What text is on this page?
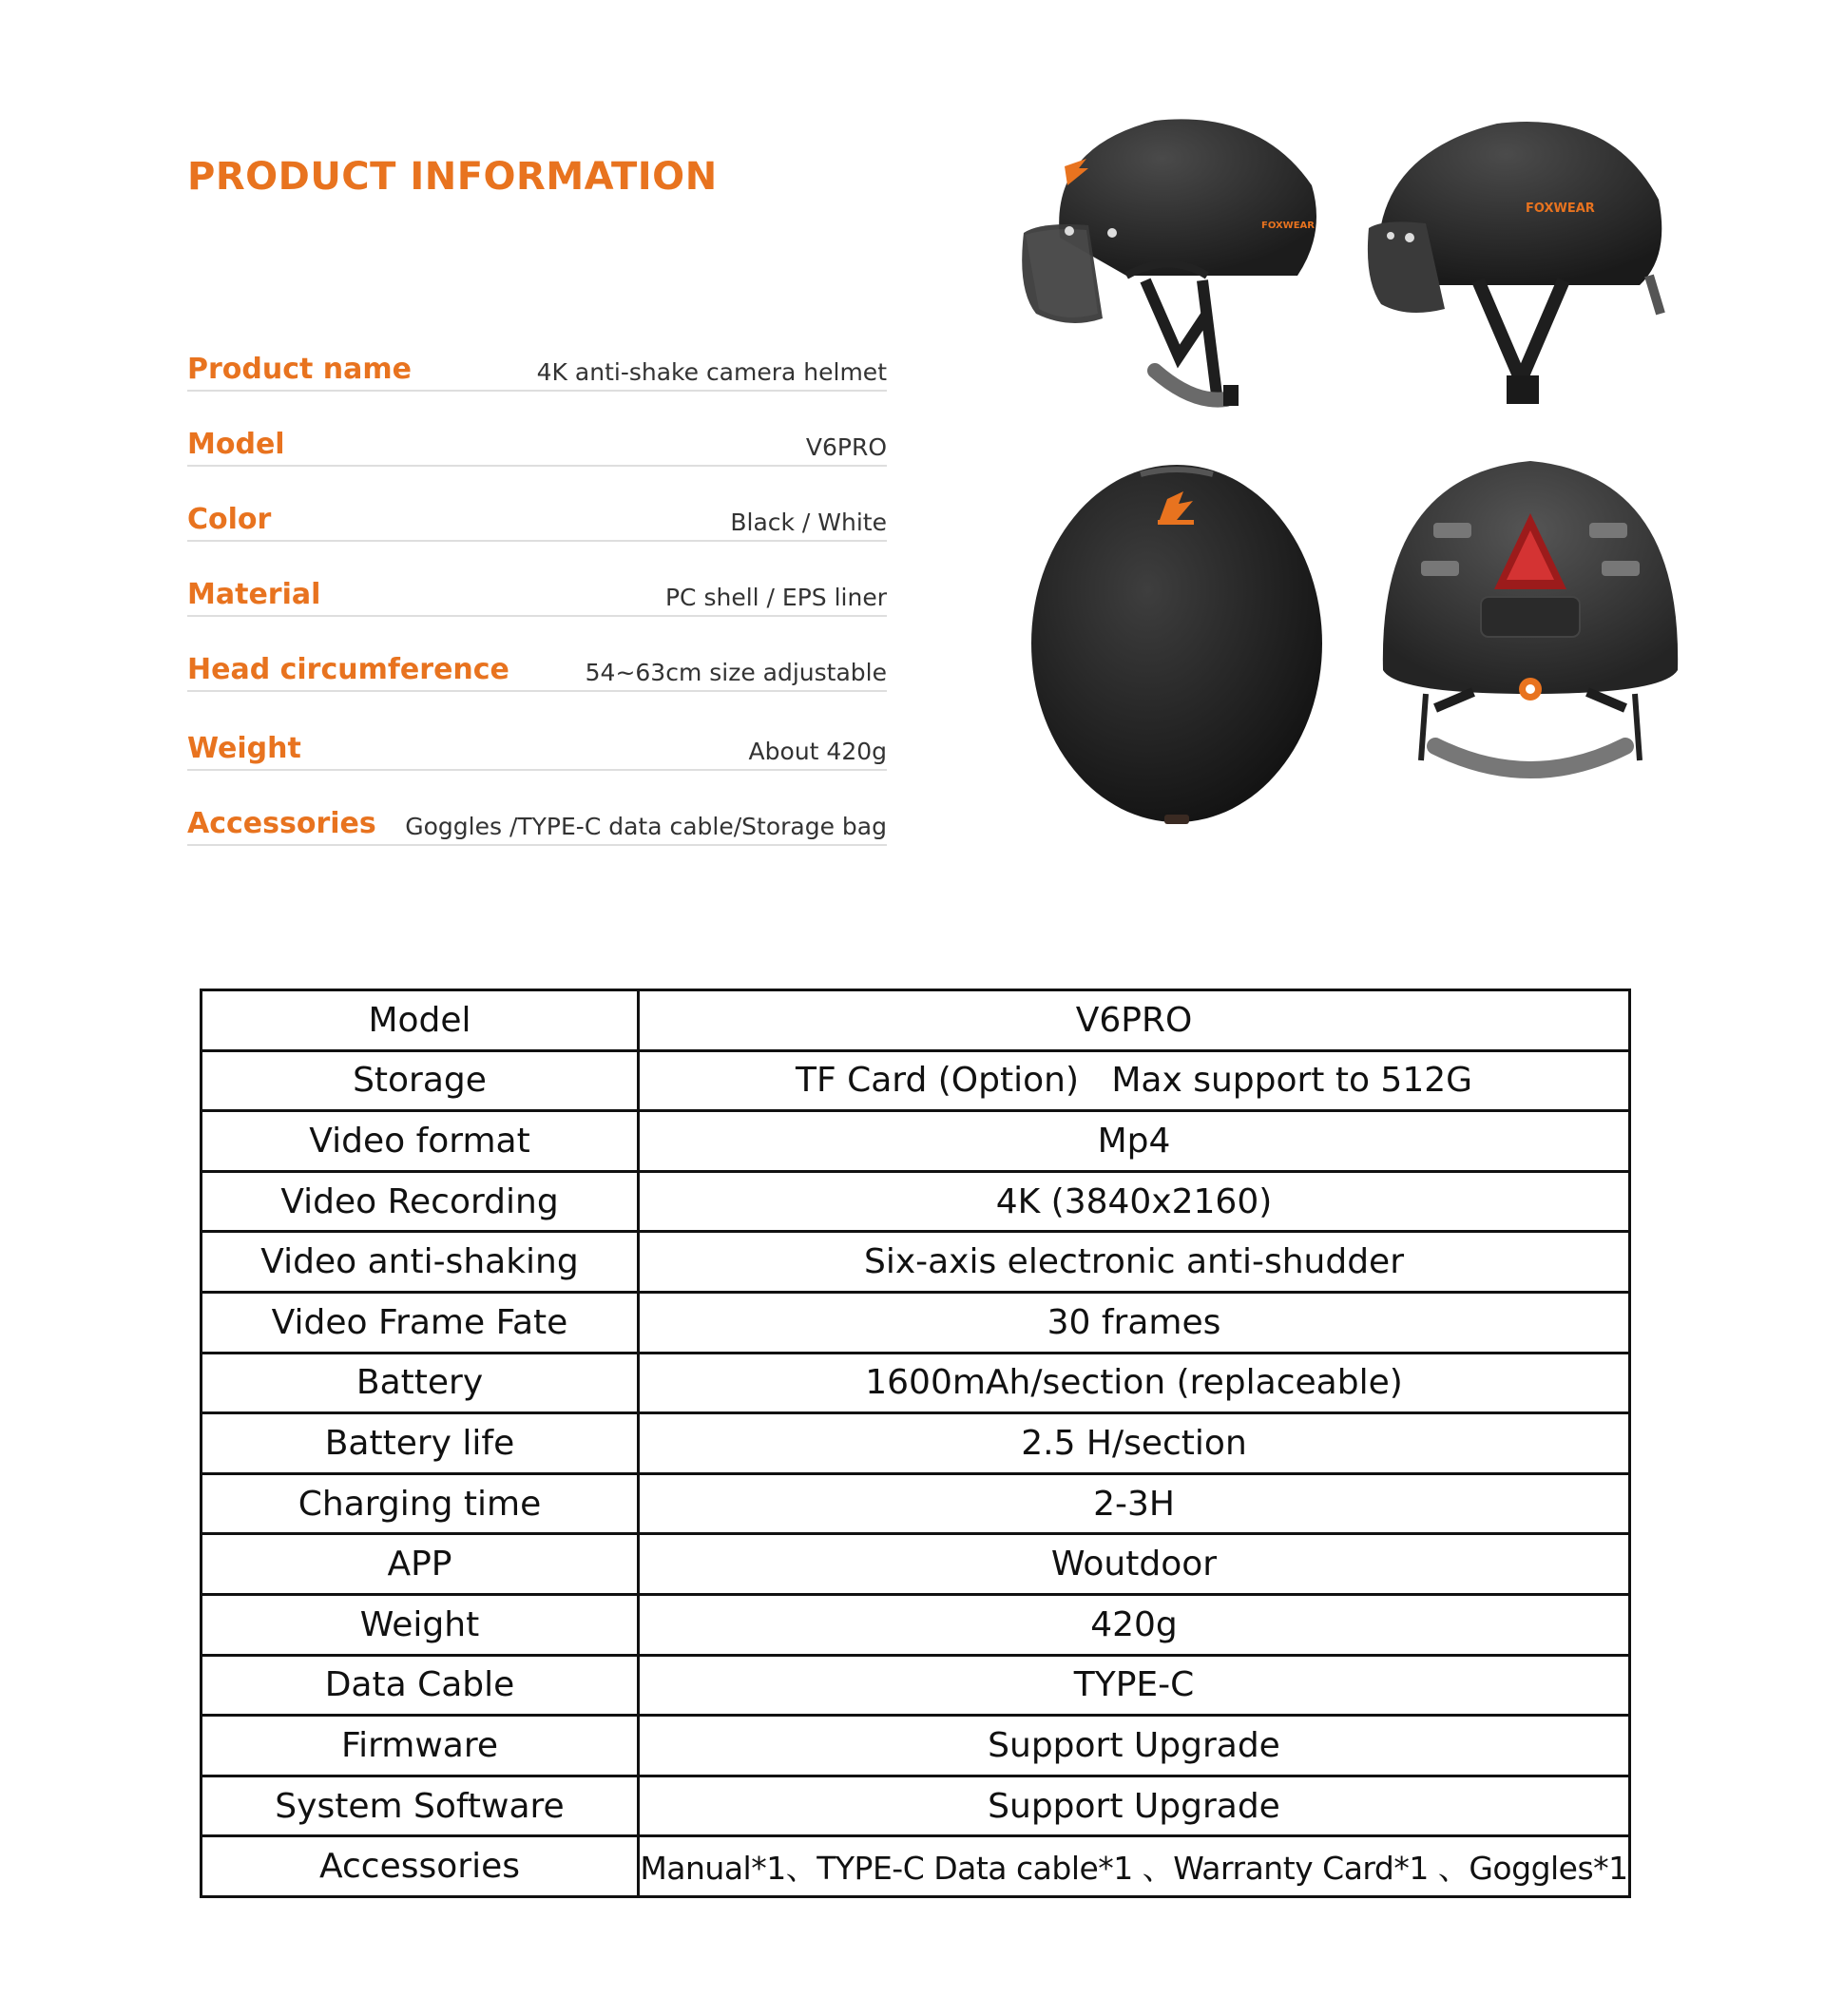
PRODUCT INFORMATION
Product name	4K anti-shake camera helmet
Model	V6PRO
Color	Black / White
Material	PC shell / EPS liner
Head circumference	54~63cm size adjustable
Weight	About 420g
Accessories Goggles /TYPE-C data cable/Storage bag
FOXWEAR
FOXWEAR
Model	V6PRO
Storage	TF Card (Option)   Max support to 512G
Video format	Mp4
Video Recording	4K (3840x2160)
Video anti-shaking	Six-axis electronic anti-shudder
Video Frame Fate	30 frames
Battery	1600mAh/section (replaceable)
Battery life	2.5 H/section
Charging time	2-3H
APP	Woutdoor
Weight	420g
Data Cable	TYPE-C
Firmware	Support Upgrade
System Software	Support Upgrade
Accessories	Manual*1、TYPE-C Data cable*1 、Warranty Card*1 、Goggles*1
